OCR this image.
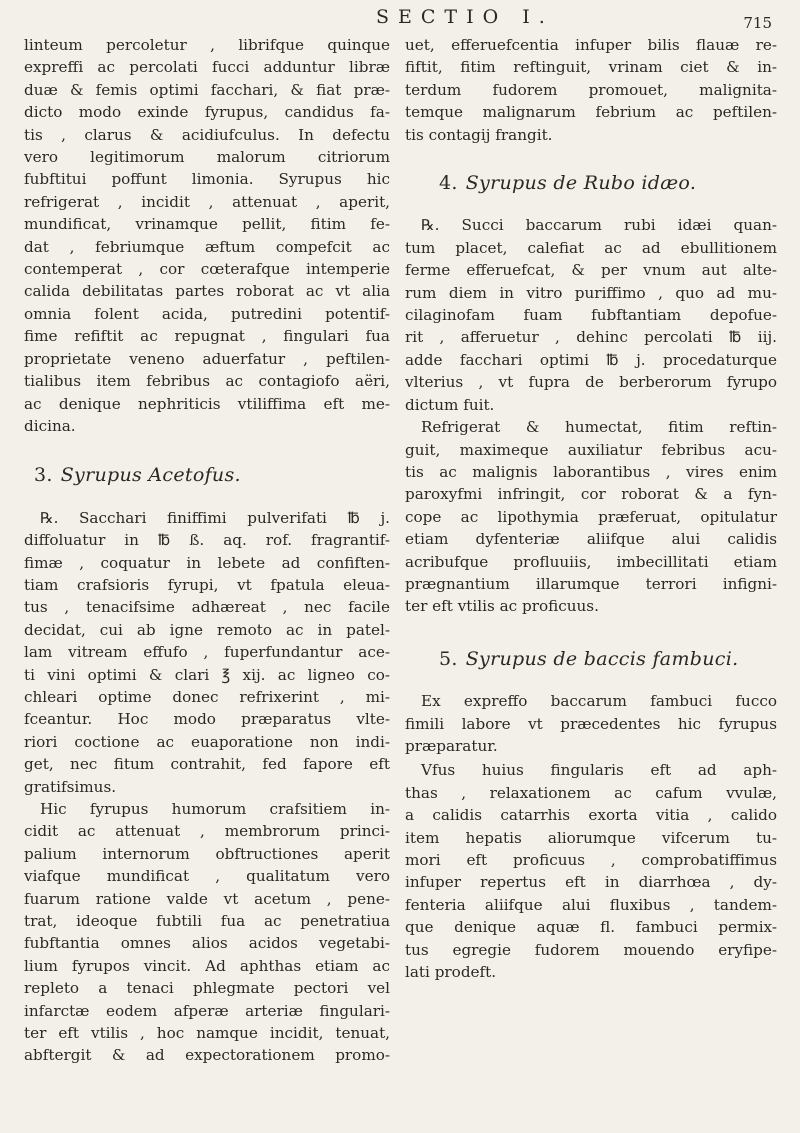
SECTIO I.	715

linteum percoletur , librifque quinque
expreffi ac percolati fucci adduntur libræ
duæ & femis optimi facchari, & fiat præ-
dicto modo exinde fyrupus, candidus fa-
tis , clarus & acidiufculus. In defectu
vero legitimorum malorum citriorum
fubftitui poffunt limonia. Syrupus hic
refrigerat , incidit , attenuat , aperit,
mundificat, vrinamque pellit, fitim fe-
dat , febriumque æftum compefcit ac
contemperat , cor cœterafque intemperie
calida debilitatas partes roborat ac vt alia
omnia folent acida, putredini potentif-
fime refiftit ac repugnat , fingulari fua
proprietate veneno aduerfatur , peftilen-
tialibus item febribus ac contagiofo aëri,
ac denique nephriticis vtiliffima eft me-
dicina.

3. Syrupus Acetofus.

℞. Sacchari finiffimi pulverifati ℔ j.
diffoluatur in ℔ ß. aq. rof. fragrantif-
fimæ , coquatur in lebete ad confiften-
tiam crafsioris fyrupi, vt fpatula eleua-
tus , tenacifsime adhæreat , nec facile
decidat, cui ab igne remoto ac in patel-
lam vitream effufo , fuperfundantur ace-
ti vini optimi & clari ℥ xij. ac ligneo co-
chleari optime donec refrixerint , mi-
fceantur. Hoc modo præparatus vlte-
riori coctione ac euaporatione non indi-
get, nec fitum contrahit, fed fapore eft
gratifsimus.

Hic fyrupus humorum crafsitiem in-
cidit ac attenuat , membrorum princi-
palium internorum obftructiones aperit
viafque mundificat , qualitatum vero
fuarum ratione valde vt acetum , pene-
trat, ideoque fubtili fua ac penetratiua
fubftantia omnes alios acidos vegetabi-
lium fyrupos vincit. Ad aphthas etiam ac
repleto a tenaci phlegmate pectori vel
infarctæ eodem afperæ arteriæ fingulari-
ter eft vtilis , hoc namque incidit, tenuat,
abftergit & ad expectorationem promo-

uet, efferuefcentia infuper bilis flauæ re-
fiftit, fitim reftinguit, vrinam ciet & in-
terdum fudorem promouet, malignita-
temque malignarum febrium ac peftilen-
tis contagij frangit.

4. Syrupus de Rubo idæo.

℞. Succi baccarum rubi idæi quan-
tum placet, calefiat ac ad ebullitionem
ferme efferuefcat, & per vnum aut alte-
rum diem in vitro puriffimo , quo ad mu-
cilaginofam fuam fubftantiam depofue-
rit , afferuetur , dehinc percolati ℔ iij.
adde facchari optimi ℔ j. procedaturque
vlterius , vt fupra de berberorum fyrupo
dictum fuit.

Refrigerat & humectat, fitim reftin-
guit, maximeque auxiliatur febribus acu-
tis ac malignis laborantibus , vires enim
paroxyfmi infringit, cor roborat & a fyn-
cope ac lipothymia præferuat, opitulatur
etiam dyfenteriæ aliifque alui calidis
acribufque profluuiis, imbecillitati etiam
prægnantium illarumque terrori infigni-
ter eft vtilis ac proficuus.

5. Syrupus de baccis fambuci.

Ex expreffo baccarum fambuci fucco
fimili labore vt præcedentes hic fyrupus
præparatur.

Vfus huius fingularis eft ad aph-
thas , relaxationem ac cafum vvulæ,
a calidis catarrhis exorta vitia , calido
item hepatis aliorumque vifcerum tu-
mori eft proficuus , comprobatiffimus
infuper repertus eft in diarrhœa , dy-
fenteria aliifque alui fluxibus , tandem-
que denique aquæ fl. fambuci permix-
tus egregie fudorem mouendo eryfipe-
lati prodeft.
